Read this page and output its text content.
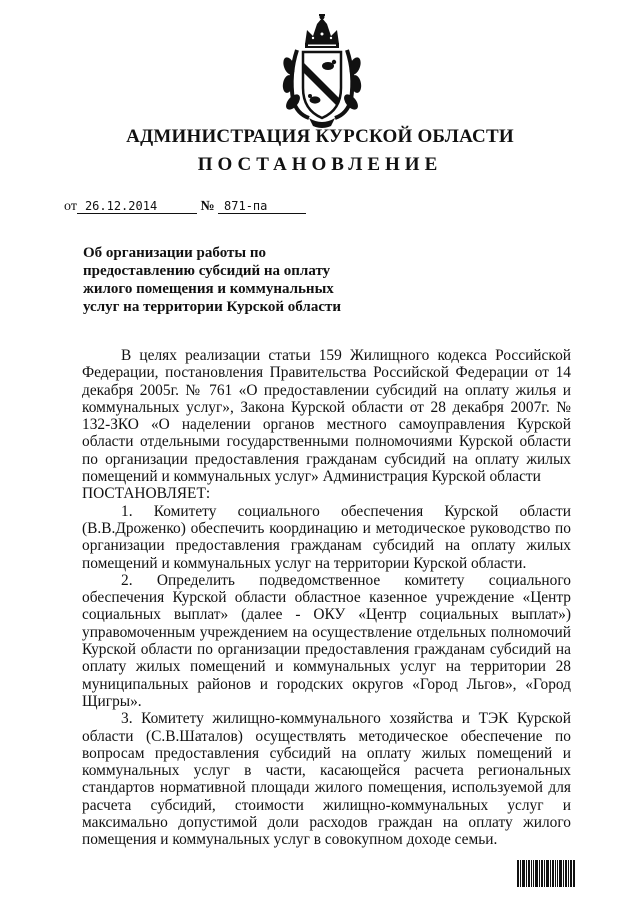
АДМИНИСТРАЦИЯ КУРСКОЙ ОБЛАСТИ
ПОСТАНОВЛЕНИЕ
от 26.12.2014	№ 871-па
Об организации работы по
предоставлению субсидий на оплату
жилого помещения и коммунальных
услуг на территории Курской области

В целях реализации статьи 159 Жилищного кодекса Российской Федерации, постановления Правительства Российской Федерации от 14 декабря 2005г. № 761 «О предоставлении субсидий на оплату жилья и коммунальных услуг», Закона Курской области от 28 декабря 2007г. № 132-ЗКО «О наделении органов местного самоуправления Курской области отдельными государственными полномочиями Курской области по организации предоставления гражданам субсидий на оплату жилых помещений и коммунальных услуг» Администрация Курской области

ПОСТАНОВЛЯЕТ:

1. Комитету социального обеспечения Курской области (В.В.Дроженко) обеспечить координацию и методическое руководство по организации предоставления гражданам субсидий на оплату жилых помещений и коммунальных услуг на территории Курской области.

2. Определить подведомственное комитету социального обеспечения Курской области областное казенное учреждение «Центр социальных выплат» (далее - ОКУ «Центр социальных выплат») управомоченным учреждением на осуществление отдельных полномочий Курской области по организации предоставления гражданам субсидий на оплату жилых помещений и коммунальных услуг на территории 28 муниципальных районов и городских округов «Город Льгов», «Город Щигры».

3. Комитету жилищно-коммунального хозяйства и ТЭК Курской области (С.В.Шаталов) осуществлять методическое обеспечение по вопросам предоставления субсидий на оплату жилых помещений и коммунальных услуг в части, касающейся расчета региональных стандартов нормативной площади жилого помещения, используемой для расчета субсидий, стоимости жилищно-коммунальных услуг и максимально допустимой доли расходов граждан на оплату жилого помещения и коммунальных услуг в совокупном доходе семьи.
